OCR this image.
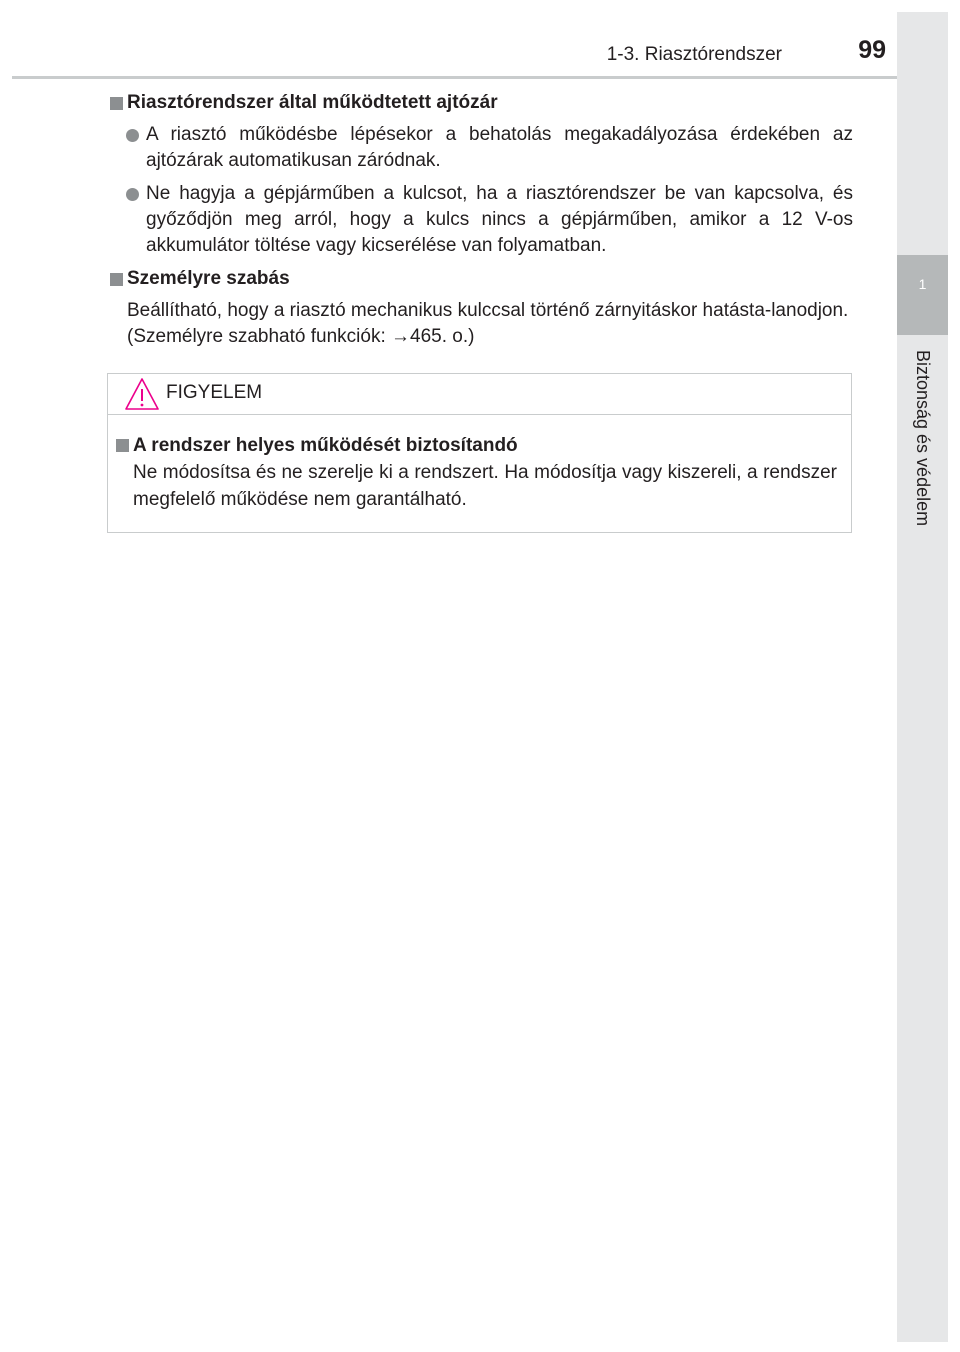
1-3. Riasztórendszer	99
1
Biztonság és védelem
Riasztórendszer által működtetett ajtózár
A riasztó működésbe lépésekor a behatolás megakadályozása érdekében az ajtózárak automatikusan záródnak.
Ne hagyja a gépjárműben a kulcsot, ha a riasztórendszer be van kapcsolva, és győződjön meg arról, hogy a kulcs nincs a gépjárműben, amikor a 12 V-os akkumulátor töltése vagy kicserélése van folyamatban.
Személyre szabás

Beállítható, hogy a riasztó mechanikus kulccsal történő zárnyitáskor hatásta-lanodjon.

(Személyre szabható funkciók: →465. o.)

FIGYELEM
A rendszer helyes működését biztosítandó
Ne módosítsa és ne szerelje ki a rendszert. Ha módosítja vagy kiszereli, a rendszer megfelelő működése nem garantálható.
